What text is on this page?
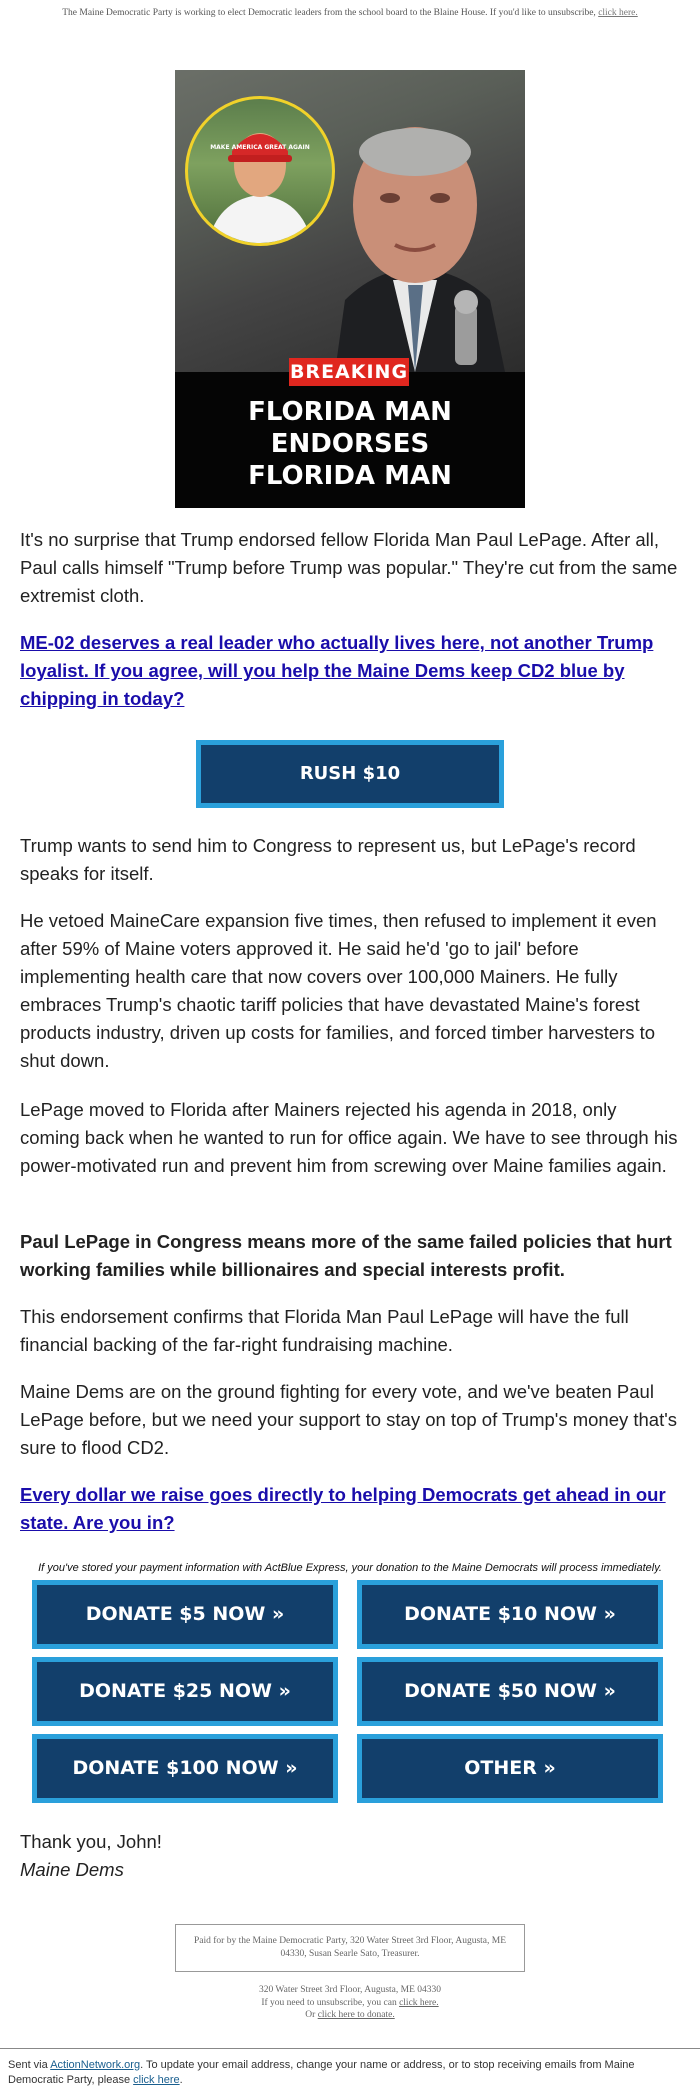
The Maine Democratic Party is working to elect Democratic leaders from the school board to the Blaine House. If you'd like to unsubscribe, click here.
MAKE AMERICA GREAT AGAIN
BREAKING
FLORIDA MAN
ENDORSES
FLORIDA MAN
It's no surprise that Trump endorsed fellow Florida Man Paul LePage. After all, Paul calls himself "Trump before Trump was popular." They're cut from the same extremist cloth.
ME-02 deserves a real leader who actually lives here, not another Trump loyalist. If you agree, will you help the Maine Dems keep CD2 blue by chipping in today?
RUSH $10
Trump wants to send him to Congress to represent us, but LePage's record speaks for itself.
He vetoed MaineCare expansion five times, then refused to implement it even after 59% of Maine voters approved it. He said he'd 'go to jail' before implementing health care that now covers over 100,000 Mainers. He fully embraces Trump's chaotic tariff policies that have devastated Maine's forest products industry, driven up costs for families, and forced timber harvesters to shut down.
LePage moved to Florida after Mainers rejected his agenda in 2018, only coming back when he wanted to run for office again. We have to see through his power-motivated run and prevent him from screwing over Maine families again.
Paul LePage in Congress means more of the same failed policies that hurt working families while billionaires and special interests profit.
This endorsement confirms that Florida Man Paul LePage will have the full financial backing of the far-right fundraising machine.
Maine Dems are on the ground fighting for every vote, and we've beaten Paul LePage before, but we need your support to stay on top of Trump's money that's sure to flood CD2.
Every dollar we raise goes directly to helping Democrats get ahead in our state. Are you in?
If you've stored your payment information with ActBlue Express, your donation to the Maine Democrats will process immediately.
DONATE $5 NOW »	DONATE $10 NOW »
DONATE $25 NOW »	DONATE $50 NOW »
DONATE $100 NOW »	OTHER »
Thank you, John!
Maine Dems
Paid for by the Maine Democratic Party, 320 Water Street 3rd Floor, Augusta, ME 04330, Susan Searle Sato, Treasurer.
320 Water Street 3rd Floor, Augusta, ME 04330
If you need to unsubscribe, you can click here.
Or click here to donate.
Sent via ActionNetwork.org. To update your email address, change your name or address, or to stop receiving emails from Maine Democratic Party, please click here.
